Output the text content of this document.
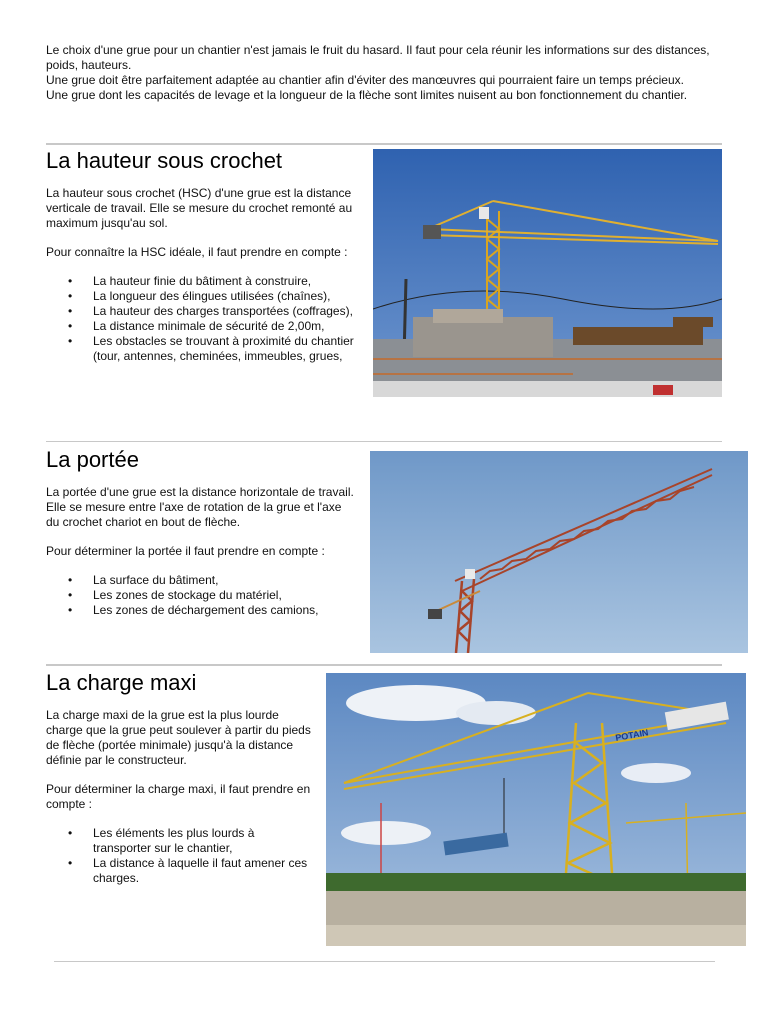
Le choix d'une grue pour un chantier n'est jamais le fruit du hasard. Il faut pour cela réunir les informations sur des distances, poids, hauteurs.

Une grue doit être parfaitement adaptée au chantier afin d'éviter des manœuvres qui pourraient faire un temps précieux.

Une grue dont les capacités de levage et la longueur de la flèche sont limites nuisent au bon fonctionnement du chantier.

La hauteur sous crochet

La hauteur sous crochet (HSC) d'une grue est la distance verticale de travail. Elle se mesure du crochet remonté au maximum jusqu'au sol.

Pour connaître la HSC idéale, il faut prendre en compte :

• La hauteur finie du bâtiment à construire,
• La longueur des élingues utilisées (chaînes),
• La hauteur des charges transportées (coffrages),
• La distance minimale de sécurité de 2,00m,
• Les obstacles se trouvant à proximité du chantier (tour, antennes, cheminées, immeubles, grues,
La portée

La portée d'une grue est la distance horizontale de travail. Elle se mesure entre l'axe de rotation de la grue et l'axe du crochet chariot en bout de flèche.

Pour déterminer la portée il faut prendre en compte :

• La surface du bâtiment,
• Les zones de stockage du matériel,
• Les zones de déchargement des camions,
La charge maxi

La charge maxi de la grue est la plus lourde charge que la grue peut soulever à partir du pieds de flèche (portée minimale) jusqu'à la distance définie par le constructeur.

Pour déterminer la charge maxi, il faut prendre en compte :

• Les éléments les plus lourds à transporter sur le chantier,
• La distance à laquelle il faut amener ces charges.
POTAIN
